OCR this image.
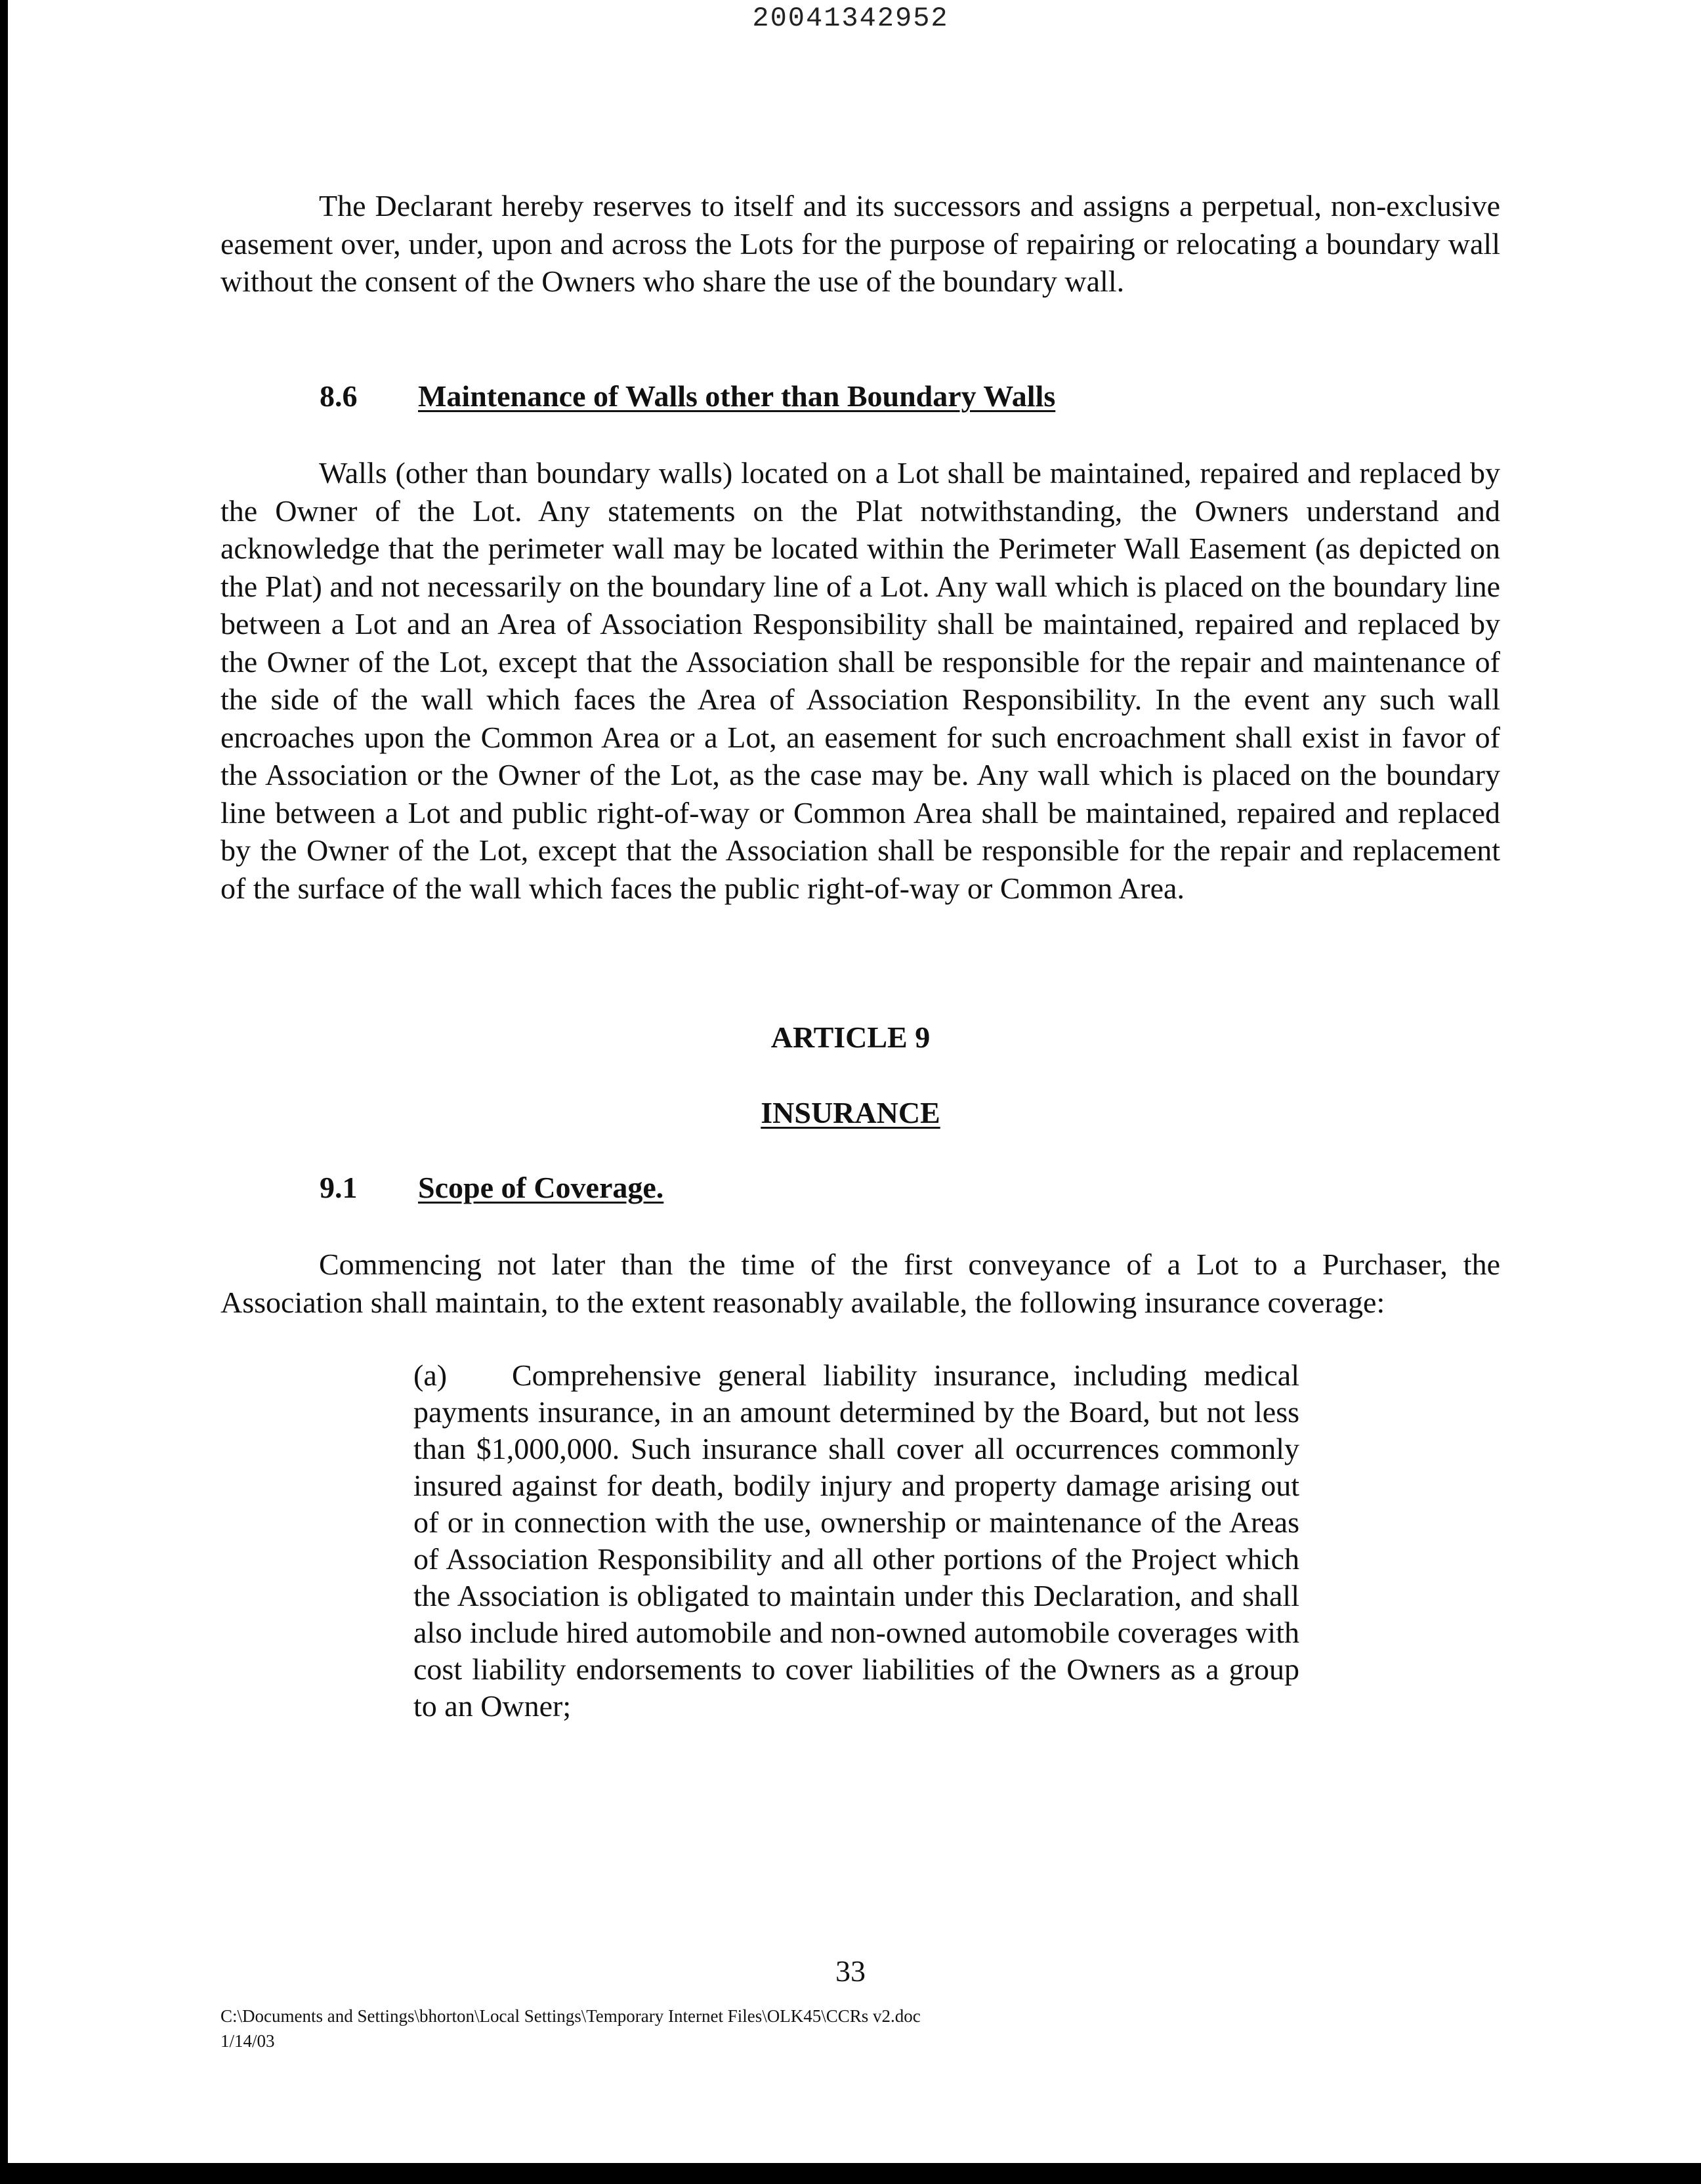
20041342952

The Declarant hereby reserves to itself and its successors and assigns a perpetual, non-exclusive easement over, under, upon and across the Lots for the purpose of repairing or relocating a boundary wall without the consent of the Owners who share the use of the boundary wall.

8.6 Maintenance of Walls other than Boundary Walls

Walls (other than boundary walls) located on a Lot shall be maintained, repaired and replaced by the Owner of the Lot. Any statements on the Plat notwithstanding, the Owners understand and acknowledge that the perimeter wall may be located within the Perimeter Wall Easement (as depicted on the Plat) and not necessarily on the boundary line of a Lot. Any wall which is placed on the boundary line between a Lot and an Area of Association Responsibility shall be maintained, repaired and replaced by the Owner of the Lot, except that the Association shall be responsible for the repair and maintenance of the side of the wall which faces the Area of Association Responsibility. In the event any such wall encroaches upon the Common Area or a Lot, an easement for such encroachment shall exist in favor of the Association or the Owner of the Lot, as the case may be. Any wall which is placed on the boundary line between a Lot and public right-of-way or Common Area shall be maintained, repaired and replaced by the Owner of the Lot, except that the Association shall be responsible for the repair and replacement of the surface of the wall which faces the public right-of-way or Common Area.

ARTICLE 9
INSURANCE
9.1 Scope of Coverage.

Commencing not later than the time of the first conveyance of a Lot to a Purchaser, the Association shall maintain, to the extent reasonably available, the following insurance coverage:

(a) Comprehensive general liability insurance, including medical payments insurance, in an amount determined by the Board, but not less than $1,000,000. Such insurance shall cover all occurrences commonly insured against for death, bodily injury and property damage arising out of or in connection with the use, ownership or maintenance of the Areas of Association Responsibility and all other portions of the Project which the Association is obligated to maintain under this Declaration, and shall also include hired automobile and non-owned automobile coverages with cost liability endorsements to cover liabilities of the Owners as a group to an Owner;

33
C:\Documents and Settings\bhorton\Local Settings\Temporary Internet Files\OLK45\CCRs v2.doc
1/14/03
